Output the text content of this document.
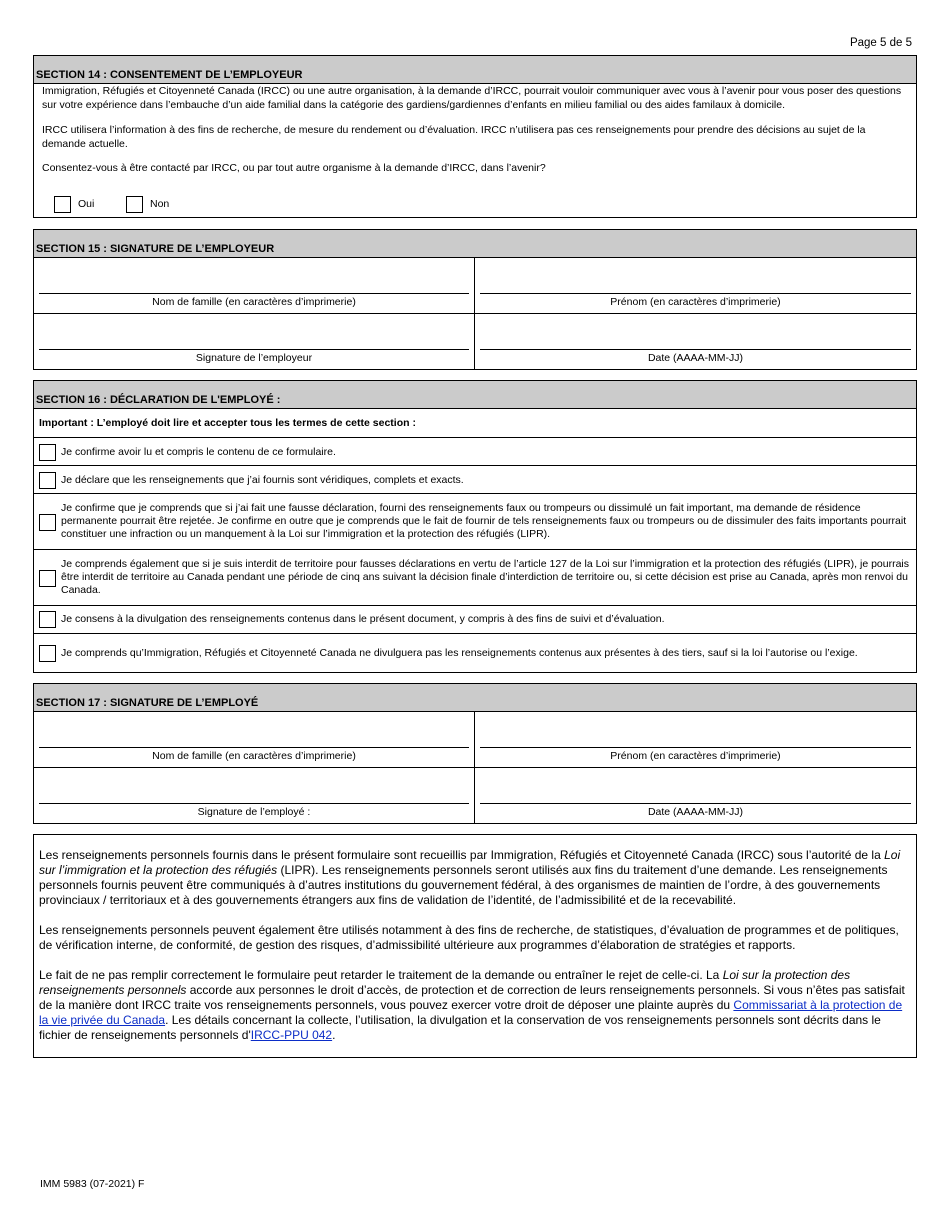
Page 5 de 5
SECTION 14 : CONSENTEMENT DE L’EMPLOYEUR
Immigration, Réfugiés et Citoyenneté Canada (IRCC) ou une autre organisation, à la demande d’IRCC, pourrait vouloir communiquer avec vous à l’avenir pour vous poser des questions sur votre expérience dans l’embauche d’un aide familial dans la catégorie des gardiens/gardiennes d’enfants en milieu familial ou des aides familaux à domicile.
IRCC utilisera l’information à des fins de recherche, de mesure du rendement ou d’évaluation. IRCC n’utilisera pas ces renseignements pour prendre des décisions au sujet de la demande actuelle.
Consentez-vous à être contacté par IRCC, ou par tout autre organisme à la demande d’IRCC, dans l’avenir?
Oui	Non
SECTION 15 : SIGNATURE DE L’EMPLOYEUR
Nom de famille (en caractères d’imprimerie)	Prénom (en caractères d’imprimerie)
Signature de l’employeur	Date (AAAA-MM-JJ)
SECTION 16 : DÉCLARATION DE L'EMPLOYÉ :
Important : L’employé doit lire et accepter tous les termes de cette section :
Je confirme avoir lu et compris le contenu de ce formulaire.
Je déclare que les renseignements que j’ai fournis sont véridiques, complets et exacts.
Je confirme que je comprends que si j’ai fait une fausse déclaration, fourni des renseignements faux ou trompeurs ou dissimulé un fait important, ma demande de résidence permanente pourrait être rejetée. Je confirme en outre que je comprends que le fait de fournir de tels renseignements faux ou trompeurs ou de dissimuler des faits importants pourrait constituer une infraction ou un manquement à la Loi sur l’immigration et la protection des réfugiés (LIPR).
Je comprends également que si je suis interdit de territoire pour fausses déclarations en vertu de l’article 127 de la Loi sur l’immigration et la protection des réfugiés (LIPR), je pourrais être interdit de territoire au Canada pendant une période de cinq ans suivant la décision finale d’interdiction de territoire ou, si cette décision est prise au Canada, après mon renvoi du Canada.
Je consens à la divulgation des renseignements contenus dans le présent document, y compris à des fins de suivi et d’évaluation.
Je comprends qu’Immigration, Réfugiés et Citoyenneté Canada ne divulguera pas les renseignements contenus aux présentes à des tiers, sauf si la loi l’autorise ou l’exige.
SECTION 17 : SIGNATURE DE L’EMPLOYÉ
Nom de famille (en caractères d’imprimerie)	Prénom (en caractères d’imprimerie)
Signature de l’employé :	Date (AAAA-MM-JJ)

Les renseignements personnels fournis dans le présent formulaire sont recueillis par Immigration, Réfugiés et Citoyenneté Canada (IRCC) sous l’autorité de la Loi sur l’immigration et la protection des réfugiés (LIPR). Les renseignements personnels seront utilisés aux fins du traitement d’une demande. Les renseignements personnels fournis peuvent être communiqués à d’autres institutions du gouvernement fédéral, à des organismes de maintien de l’ordre, à des gouvernements provinciaux / territoriaux et à des gouvernements étrangers aux fins de validation de l’identité, de l’admissibilité et de la recevabilité.

Les renseignements personnels peuvent également être utilisés notamment à des fins de recherche, de statistiques, d’évaluation de programmes et de politiques, de vérification interne, de conformité, de gestion des risques, d’admissibilité ultérieure aux programmes d’élaboration de stratégies et rapports.

Le fait de ne pas remplir correctement le formulaire peut retarder le traitement de la demande ou entraîner le rejet de celle-ci. La Loi sur la protection des renseignements personnels accorde aux personnes le droit d’accès, de protection et de correction de leurs renseignements personnels. Si vous n’êtes pas satisfait de la manière dont IRCC traite vos renseignements personnels, vous pouvez exercer votre droit de déposer une plainte auprès du Commissariat à la protection de la vie privée du Canada. Les détails concernant la collecte, l’utilisation, la divulgation et la conservation de vos renseignements personnels sont décrits dans le fichier de renseignements personnels d'IRCC-PPU 042.

IMM 5983 (07-2021) F
